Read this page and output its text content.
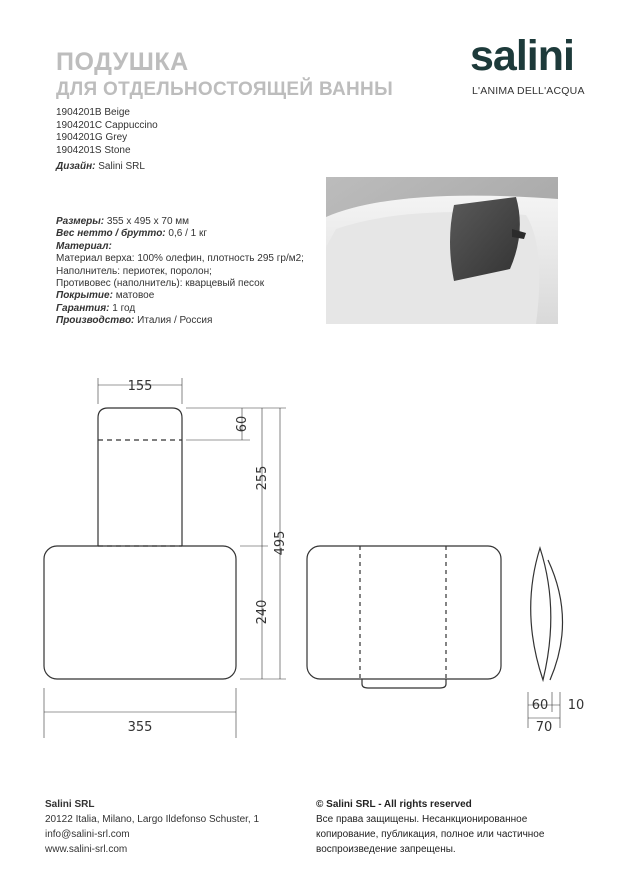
ПОДУШКА
ДЛЯ ОТДЕЛЬНОСТОЯЩЕЙ ВАННЫ
1904201B Beige
1904201C Cappuccino
1904201G Grey
1904201S Stone
Дизайн: Salini SRL
Размеры: 355 x 495 x 70 мм
Вес нетто / брутто: 0,6 / 1 кг
Материал:
Материал верха: 100% олефин, плотность 295 гр/м2;
Наполнитель: периотек, поролон;
Противовес (наполнитель): кварцевый песок
Покрытие: матовое
Гарантия: 1 год
Производство: Италия / Россия
salini
L'ANIMA DELL'ACQUA
155
60
255
495
240
355
60 10
70
Salini SRL
20122 Italia, Milano, Largo Ildefonso Schuster, 1
info@salini-srl.com
www.salini-srl.com
© Salini SRL - All rights reserved
Все права защищены. Несанкционированное
копирование, публикация, полное или частичное
воспроизведение запрещены.
